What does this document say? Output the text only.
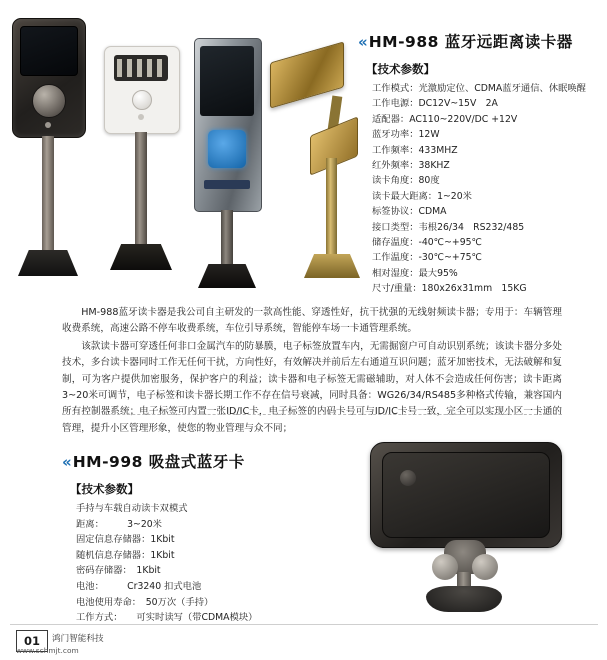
« HM-988 蓝牙远距离读卡器
【技术参数】
工作模式：光激励定位、CDMA蓝牙通信、休眠唤醒
工作电源：DC12V~15V　2A
适配器：AC110~220V/DC +12V
蓝牙功率：12W
工作频率：433MHZ
红外频率：38KHZ
读卡角度：80度
读卡最大距离：1~20米
标签协议：CDMA
接口类型：韦根26/34　RS232/485
储存温度：-40℃~+95℃
工作温度：-30℃~+75℃
相对湿度：最大95%
尺寸/重量：180x26x31mm　15KG

HM-988蓝牙读卡器是我公司自主研发的一款高性能、穿透性好，抗干扰强的无线射频读卡器；专用于：车辆管理收费系统，高速公路不停车收费系统，车位引导系统，智能停车场一卡通管理系统。

该款读卡器可穿透任何非口金属汽车的防暴膜，电子标签放置车内，无需掘窗户可自动识别系统；该读卡器分多处技术，多台读卡器同时工作无任何干扰，方向性好，有效解决并前后左右通道互识问题；蓝牙加密技术，无法破解和复制，可为客户提供加密服务，保护客户的利益；读卡器和电子标签无需磁辅助，对人体不会造成任何伤害；读卡距离3~20米可调节，电子标签和读卡器长期工作不存在信号衰减，同时具备：WG26/34/RS485多种格式传输，兼容国内所有控制器系统；电子标签可内置一张ID/IC卡，电子标签的内码卡号可与ID/IC卡号一致，完全可以实现小区一卡通的管理，提升小区管理形象，使您的物业管理与众不同；

« HM-998 吸盘式蓝牙卡
【技术参数】
手持与车载自动读卡双模式
距离：　　　3~20米
固定信息存储器：1Kbit
随机信息存储器：1Kbit
密码存储器：　1Kbit
电池：　　　Cr3240 扣式电池
电池使用寿命：　50万次（手持）
工作方式：　　可实时读写（带CDMA模块）
01	鸿门智能科技
www.schmjt.com
